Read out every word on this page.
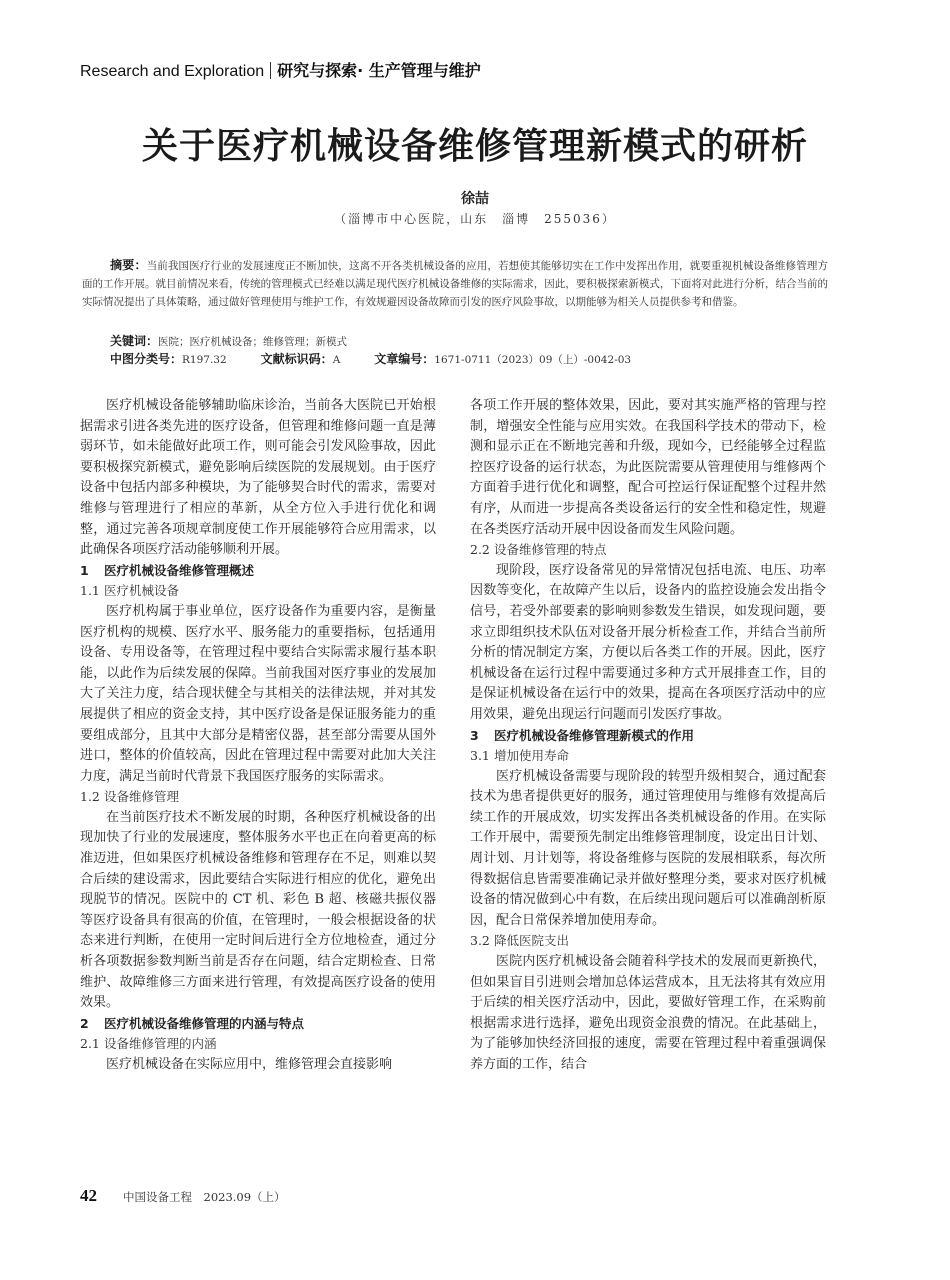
Research and Exploration 研究与探索· 生产管理与维护
关于医疗机械设备维修管理新模式的研析
徐喆
（淄博市中心医院，山东　淄博　255036）
摘要：当前我国医疗行业的发展速度正不断加快，这离不开各类机械设备的应用，若想使其能够切实在工作中发挥出作用，就要重视机械设备维修管理方面的工作开展。就目前情况来看，传统的管理模式已经难以满足现代医疗机械设备维修的实际需求，因此，要积极探索新模式，下面将对此进行分析，结合当前的实际情况提出了具体策略，通过做好管理使用与维护工作，有效规避因设备故障而引发的医疗风险事故，以期能够为相关人员提供参考和借鉴。
关键词：医院；医疗机械设备；维修管理；新模式
中图分类号：R197.32	文献标识码：A	文章编号：1671-0711（2023）09（上）-0042-03

医疗机械设备能够辅助临床诊治，当前各大医院已开始根据需求引进各类先进的医疗设备，但管理和维修问题一直是薄弱环节，如未能做好此项工作，则可能会引发风险事故，因此要积极探究新模式，避免影响后续医院的发展规划。由于医疗设备中包括内部多种模块，为了能够契合时代的需求，需要对维修与管理进行了相应的革新，从全方位入手进行优化和调整，通过完善各项规章制度使工作开展能够符合应用需求，以此确保各项医疗活动能够顺利开展。

1 医疗机械设备维修管理概述
1.1 医疗机械设备

医疗机构属于事业单位，医疗设备作为重要内容，是衡量医疗机构的规模、医疗水平、服务能力的重要指标，包括通用设备、专用设备等，在管理过程中要结合实际需求履行基本职能，以此作为后续发展的保障。当前我国对医疗事业的发展加大了关注力度，结合现状健全与其相关的法律法规，并对其发展提供了相应的资金支持，其中医疗设备是保证服务能力的重要组成部分，且其中大部分是精密仪器，甚至部分需要从国外进口，整体的价值较高，因此在管理过程中需要对此加大关注力度，满足当前时代背景下我国医疗服务的实际需求。

1.2 设备维修管理

在当前医疗技术不断发展的时期，各种医疗机械设备的出现加快了行业的发展速度，整体服务水平也正在向着更高的标准迈进，但如果医疗机械设备维修和管理存在不足，则难以契合后续的建设需求，因此要结合实际进行相应的优化，避免出现脱节的情况。医院中的 CT 机、彩色 B 超、核磁共振仪器等医疗设备具有很高的价值，在管理时，一般会根据设备的状态来进行判断，在使用一定时间后进行全方位地检查，通过分析各项数据参数判断当前是否存在问题，结合定期检查、日常维护、故障维修三方面来进行管理，有效提高医疗设备的使用效果。

2 医疗机械设备维修管理的内涵与特点
2.1 设备维修管理的内涵

医疗机械设备在实际应用中，维修管理会直接影响

各项工作开展的整体效果，因此，要对其实施严格的管理与控制，增强安全性能与应用实效。在我国科学技术的带动下，检测和显示正在不断地完善和升级，现如今，已经能够全过程监控医疗设备的运行状态，为此医院需要从管理使用与维修两个方面着手进行优化和调整，配合可控运行保证配整个过程井然有序，从而进一步提高各类设备运行的安全性和稳定性，规避在各类医疗活动开展中因设备而发生风险问题。

2.2 设备维修管理的特点

现阶段，医疗设备常见的异常情况包括电流、电压、功率因数等变化，在故障产生以后，设备内的监控设施会发出指令信号，若受外部要素的影响则参数发生错误，如发现问题，要求立即组织技术队伍对设备开展分析检查工作，并结合当前所分析的情况制定方案，方便以后各类工作的开展。因此，医疗机械设备在运行过程中需要通过多种方式开展排查工作，目的是保证机械设备在运行中的效果，提高在各项医疗活动中的应用效果，避免出现运行问题而引发医疗事故。

3 医疗机械设备维修管理新模式的作用
3.1 增加使用寿命

医疗机械设备需要与现阶段的转型升级相契合，通过配套技术为患者提供更好的服务，通过管理使用与维修有效提高后续工作的开展成效，切实发挥出各类机械设备的作用。在实际工作开展中，需要预先制定出维修管理制度，设定出日计划、周计划、月计划等，将设备维修与医院的发展相联系，每次所得数据信息皆需要准确记录并做好整理分类，要求对医疗机械设备的情况做到心中有数，在后续出现问题后可以准确剖析原因，配合日常保养增加使用寿命。

3.2 降低医院支出

医院内医疗机械设备会随着科学技术的发展而更新换代，但如果盲目引进则会增加总体运营成本，且无法将其有效应用于后续的相关医疗活动中，因此，要做好管理工作，在采购前根据需求进行选择，避免出现资金浪费的情况。在此基础上，为了能够加快经济回报的速度，需要在管理过程中着重强调保养方面的工作，结合

42 中国设备工程　2023.09（上）
